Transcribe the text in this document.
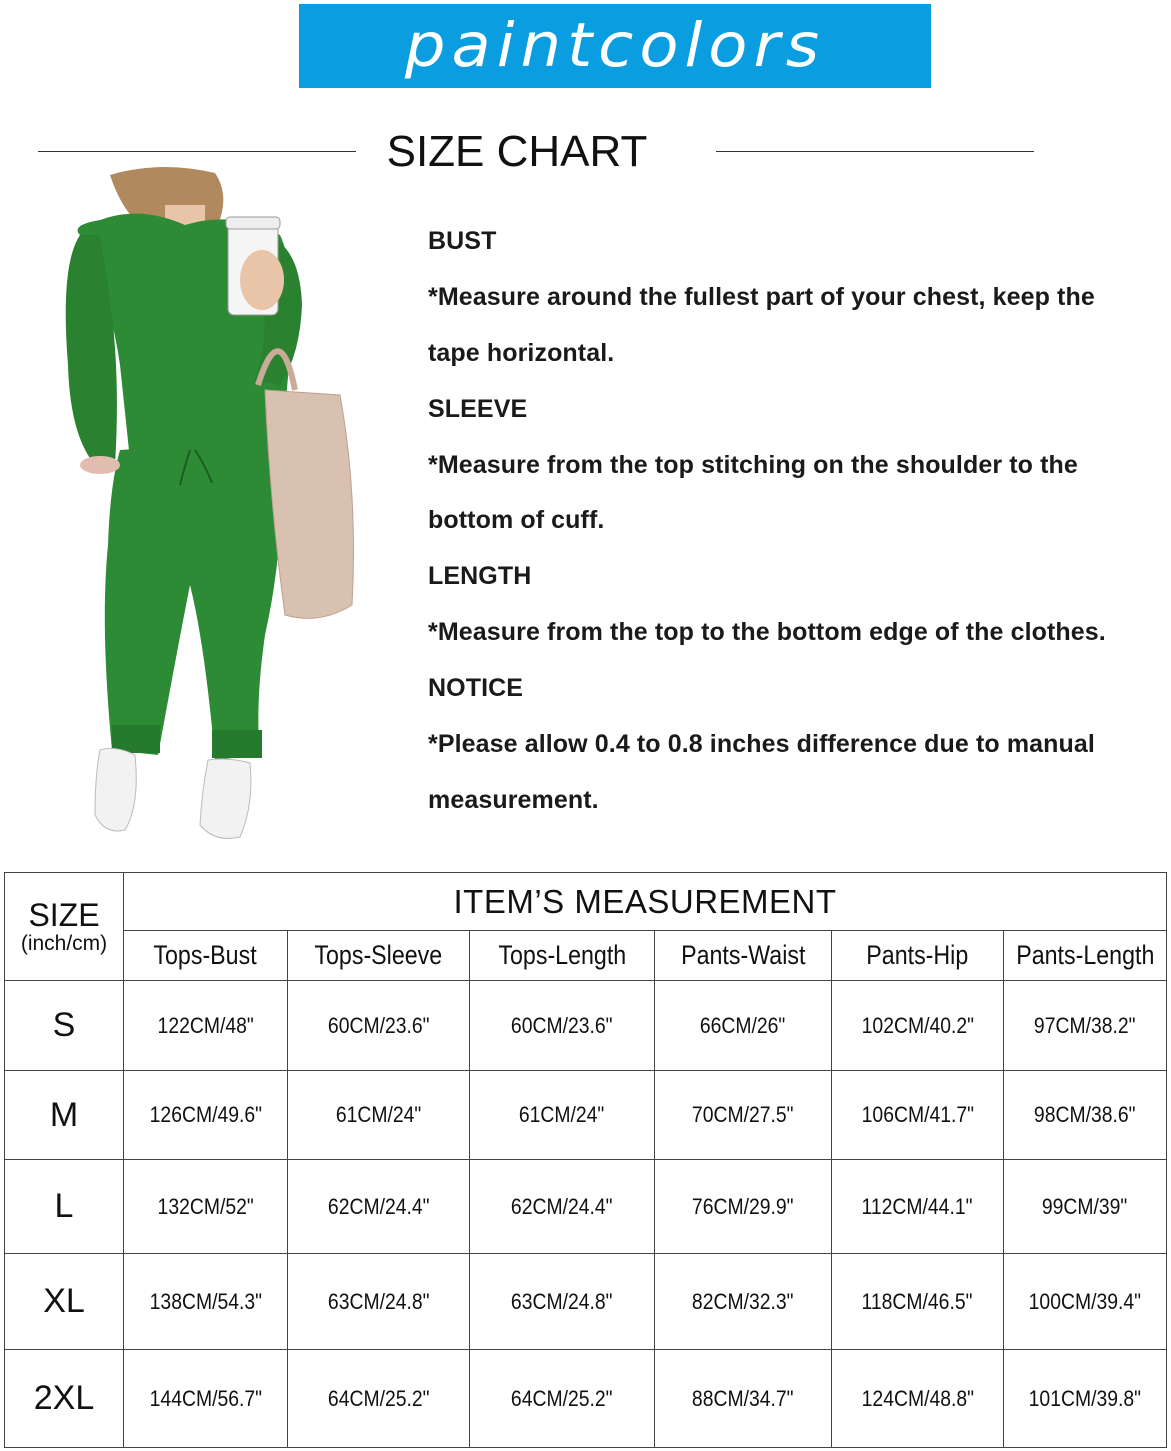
paintcolors
SIZE CHART
BUST
*Measure around the fullest part of your chest, keep the
tape horizontal.
SLEEVE
*Measure from the top stitching on the shoulder to the
bottom of cuff.
LENGTH
*Measure from the top to the bottom edge of the clothes.
NOTICE
*Please allow 0.4 to 0.8 inches difference due to manual
measurement.
SIZE
(inch/cm)	ITEM’S MEASUREMENT					
	Tops-Bust	Tops-Sleeve	Tops-Length	Pants-Waist	Pants-Hip	Pants-Length
S	122CM/48"	60CM/23.6"	60CM/23.6"	66CM/26"	102CM/40.2"	97CM/38.2"
M	126CM/49.6"	61CM/24"	61CM/24"	70CM/27.5"	106CM/41.7"	98CM/38.6"
L	132CM/52"	62CM/24.4"	62CM/24.4"	76CM/29.9"	112CM/44.1"	99CM/39"
XL	138CM/54.3"	63CM/24.8"	63CM/24.8"	82CM/32.3"	118CM/46.5"	100CM/39.4"
2XL	144CM/56.7"	64CM/25.2"	64CM/25.2"	88CM/34.7"	124CM/48.8"	101CM/39.8"
